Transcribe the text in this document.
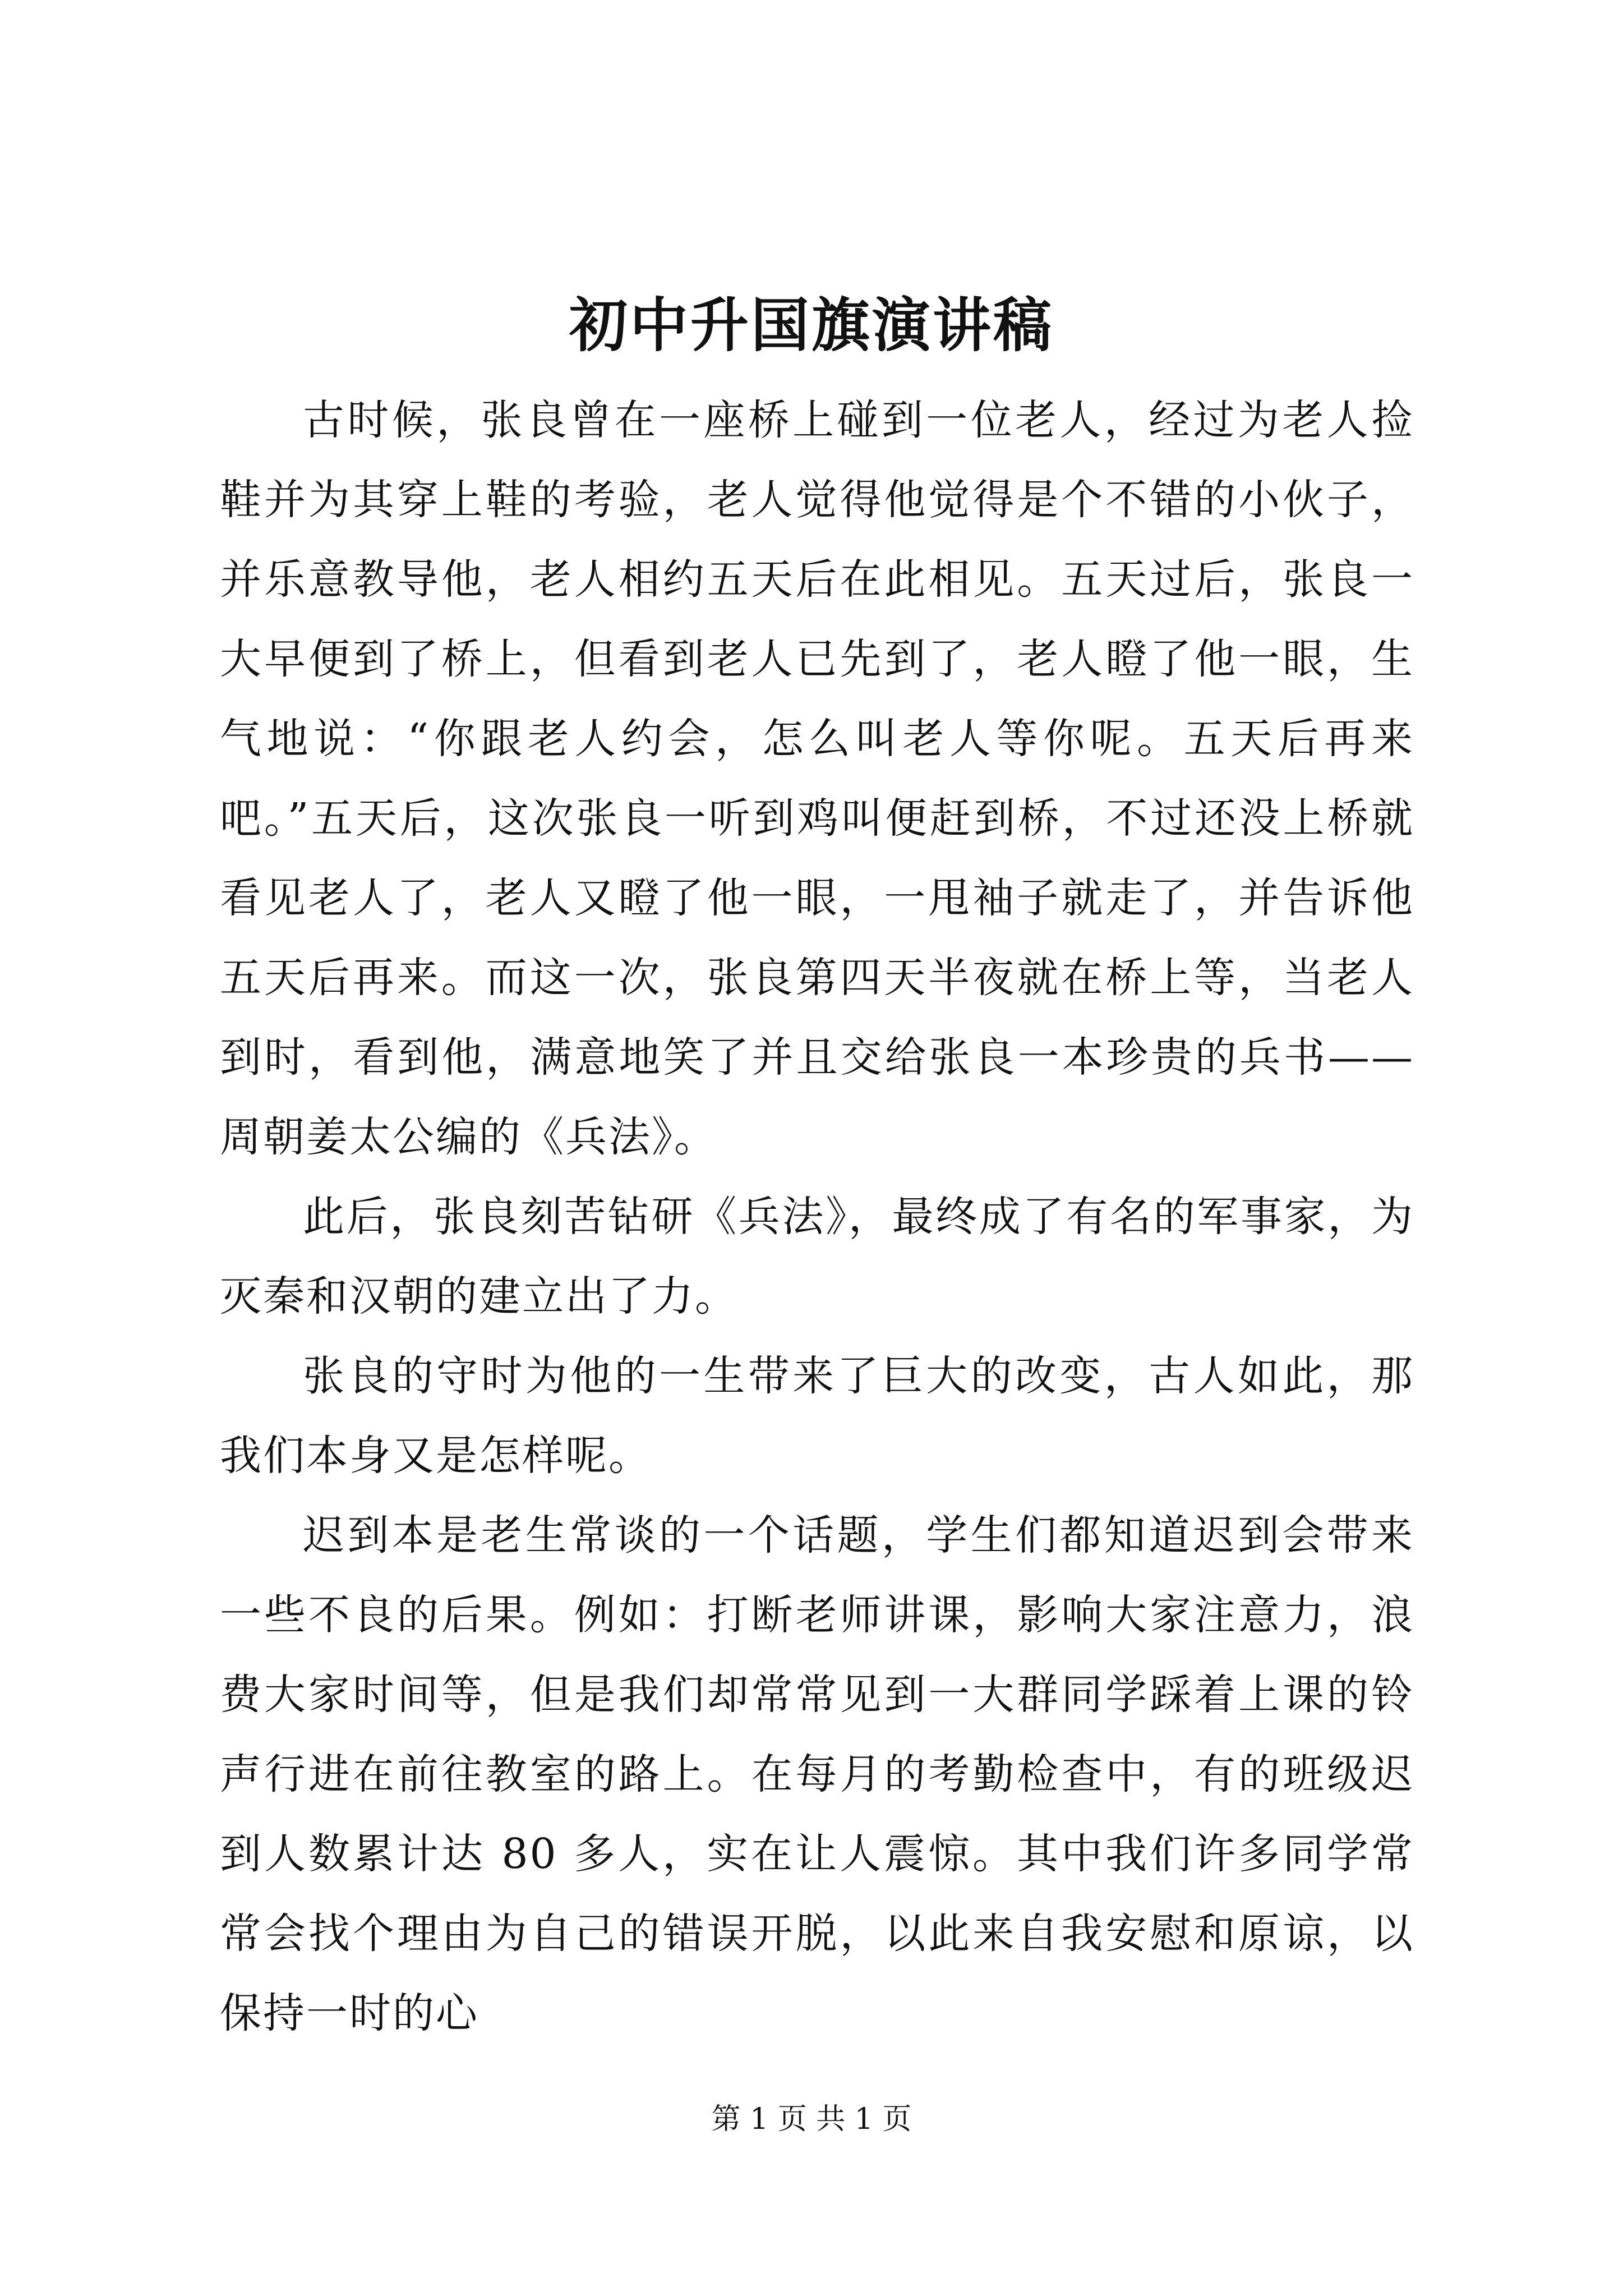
初中升国旗演讲稿

古时候，张良曾在一座桥上碰到一位老人，经过为老人捡鞋并为其穿上鞋的考验，老人觉得他觉得是个不错的小伙子，并乐意教导他，老人相约五天后在此相见。五天过后，张良一大早便到了桥上，但看到老人已先到了，老人瞪了他一眼，生气地说：“你跟老人约会，怎么叫老人等你呢。五天后再来吧。”五天后，这次张良一听到鸡叫便赶到桥，不过还没上桥就看见老人了，老人又瞪了他一眼，一甩袖子就走了，并告诉他五天后再来。而这一次，张良第四天半夜就在桥上等，当老人到时，看到他，满意地笑了并且交给张良一本珍贵的兵书——周朝姜太公编的《兵法》。

此后，张良刻苦钻研《兵法》，最终成了有名的军事家，为灭秦和汉朝的建立出了力。

张良的守时为他的一生带来了巨大的改变，古人如此，那我们本身又是怎样呢。

迟到本是老生常谈的一个话题，学生们都知道迟到会带来一些不良的后果。例如：打断老师讲课，影响大家注意力，浪费大家时间等，但是我们却常常见到一大群同学踩着上课的铃声行进在前往教室的路上。在每月的考勤检查中，有的班级迟到人数累计达 80 多人，实在让人震惊。其中我们许多同学常常会找个理由为自己的错误开脱，以此来自我安慰和原谅，以保持一时的心

第 1 页 共 1 页
